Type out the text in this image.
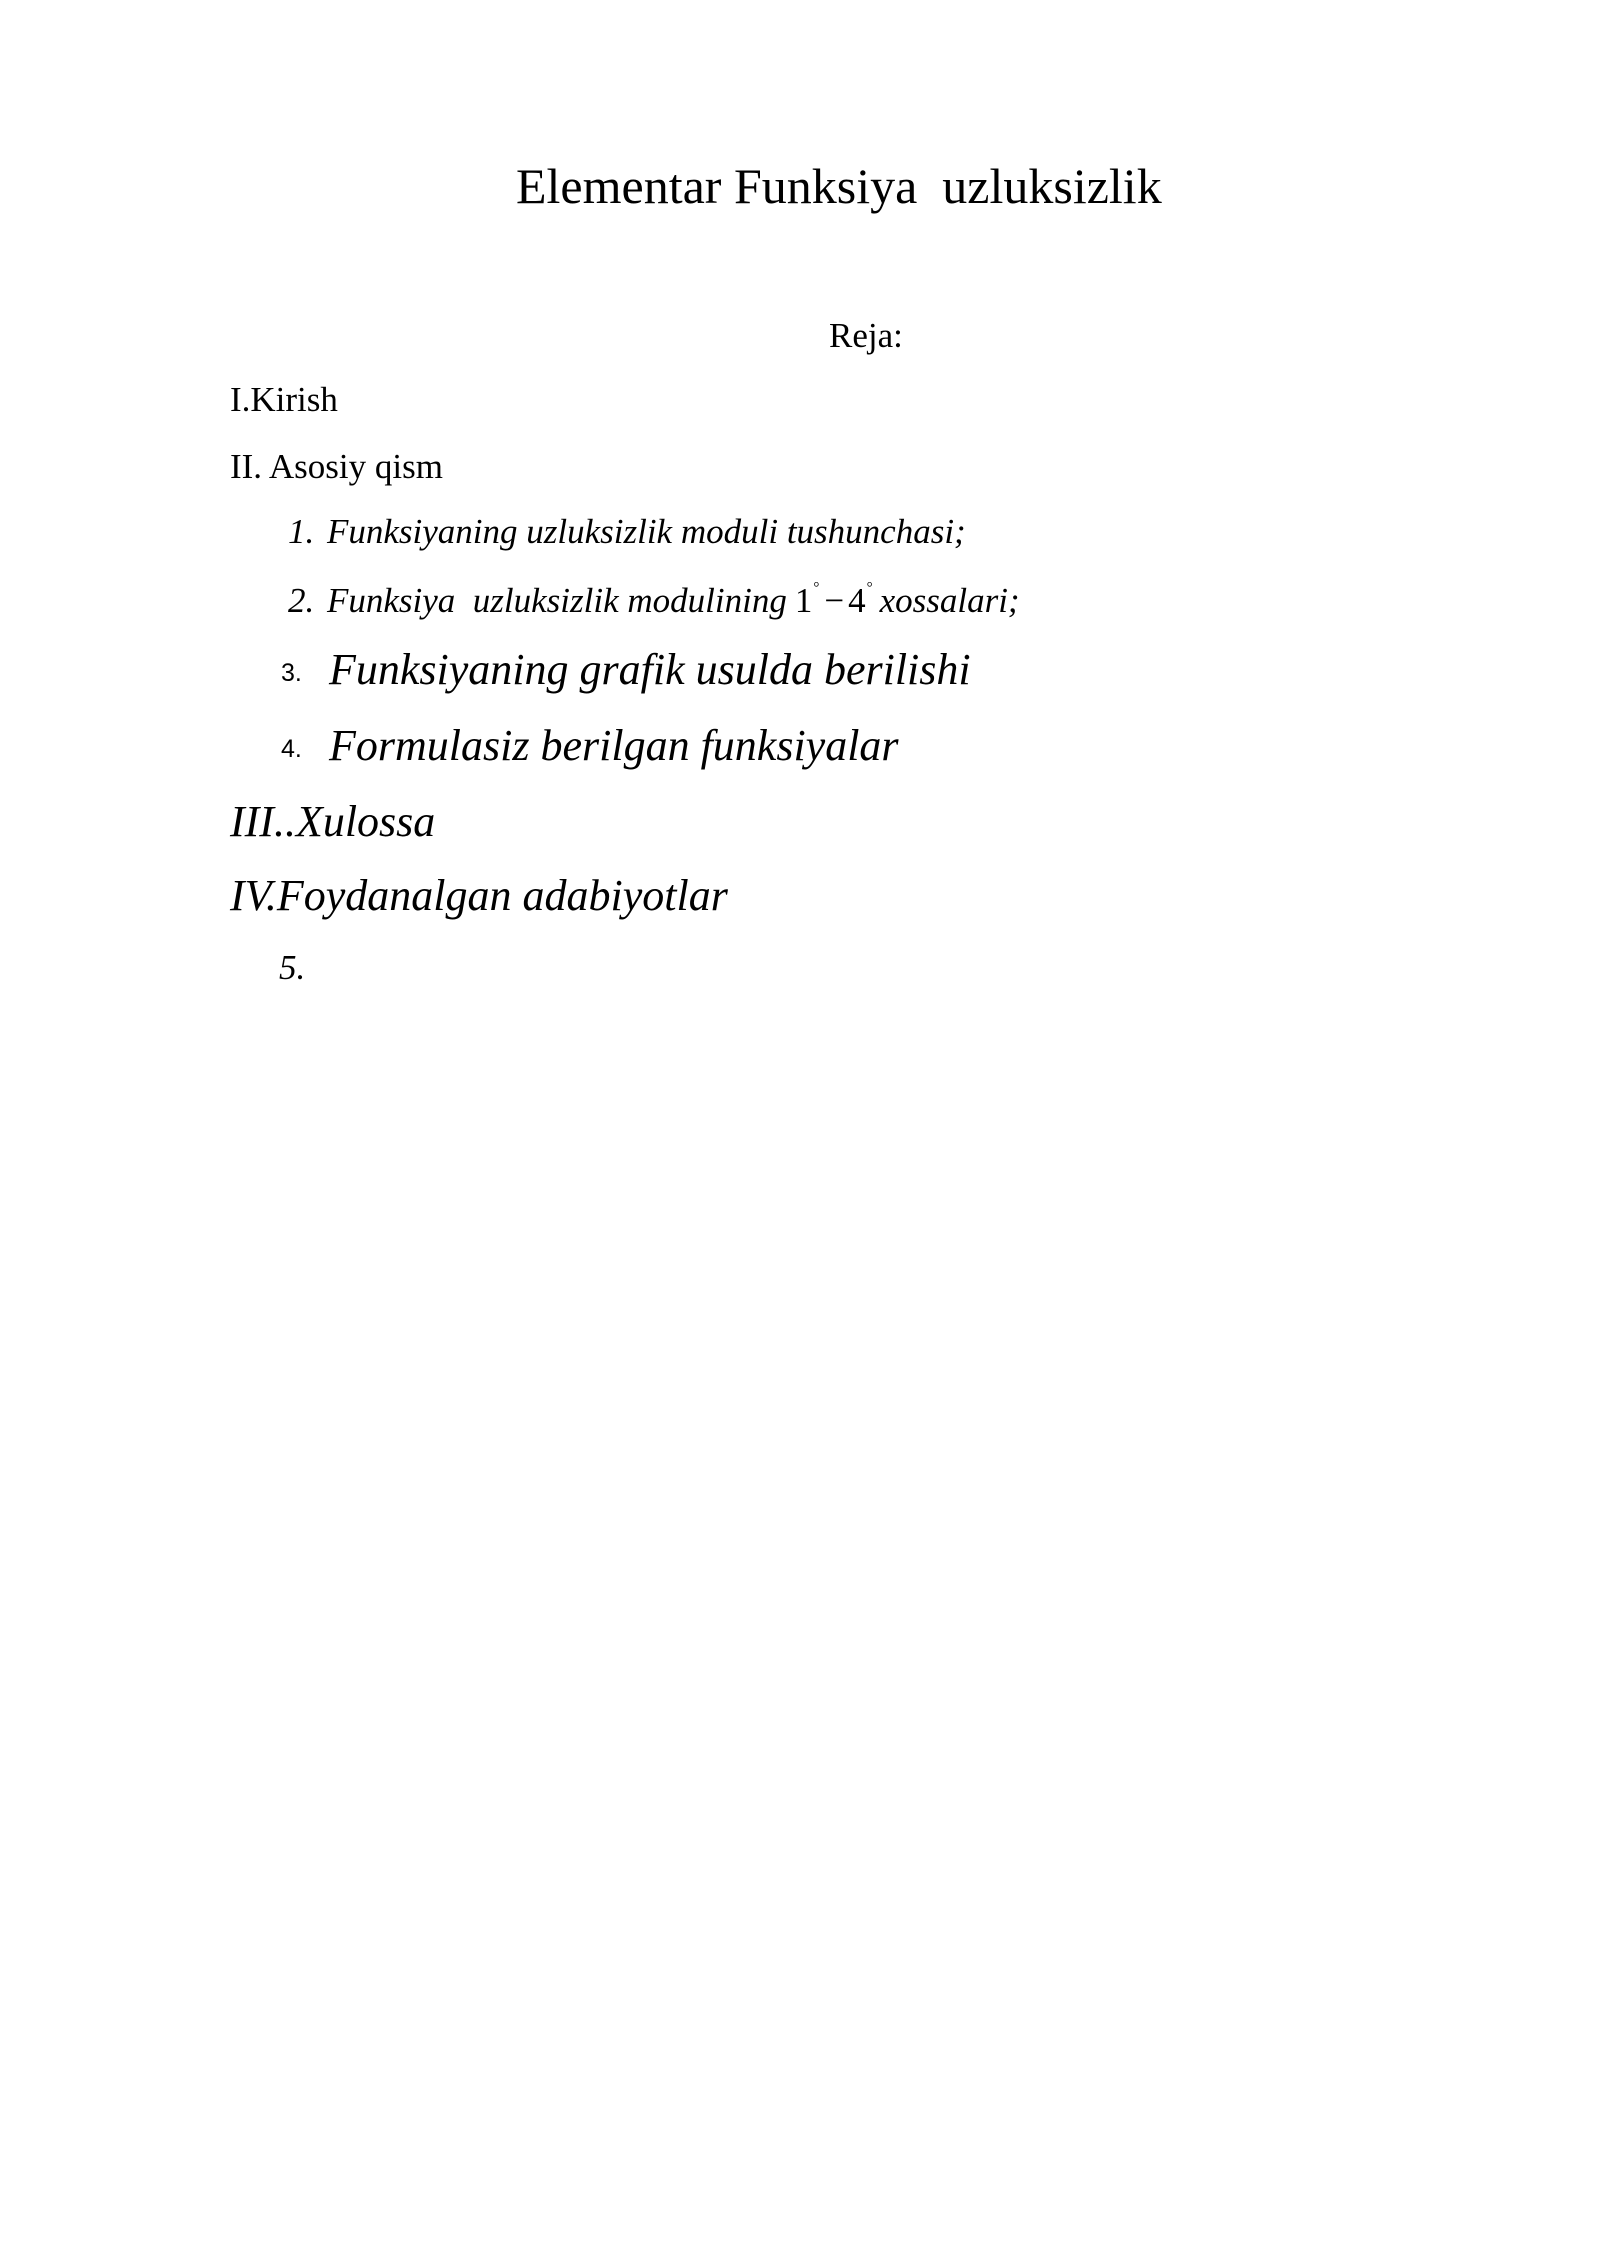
Elementar Funksiya  uzluksizlik
Reja:
I.Kirish
II. Asosiy qism
1. Funksiyaning uzluksizlik moduli tushunchasi;
2. Funksiya  uzluksizlik modulining 1° − 4° xossalari;
3. Funksiyaning grafik usulda berilishi
4. Formulasiz berilgan funksiyalar
III..Xulossa
IV.Foydanalgan adabiyotlar
5.
